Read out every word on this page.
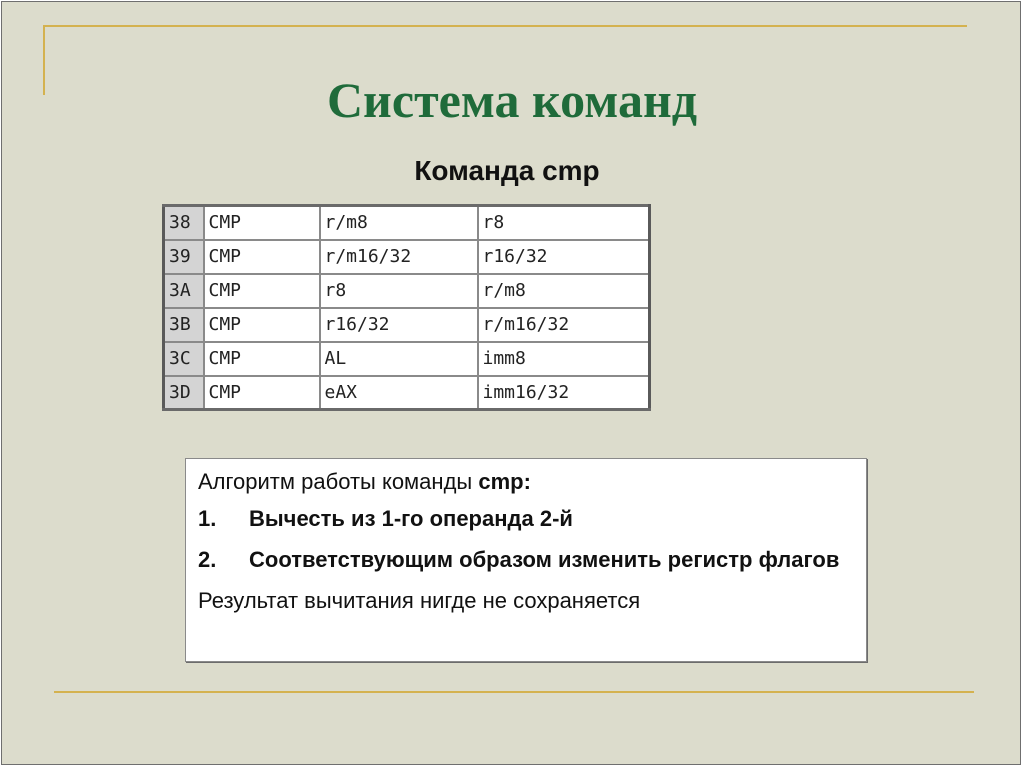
Система команд
Команда cmp
38	CMP	r/m8	r8
39	CMP	r/m16/32	r16/32
3A	CMP	r8	r/m8
3B	CMP	r16/32	r/m16/32
3C	CMP	AL	imm8
3D	CMP	eAX	imm16/32

Алгоритм работы команды cmp:

1. Вычесть из 1-го операнда 2-й
2. Соответствующим образом изменить регистр флагов

Результат вычитания нигде не сохраняется
